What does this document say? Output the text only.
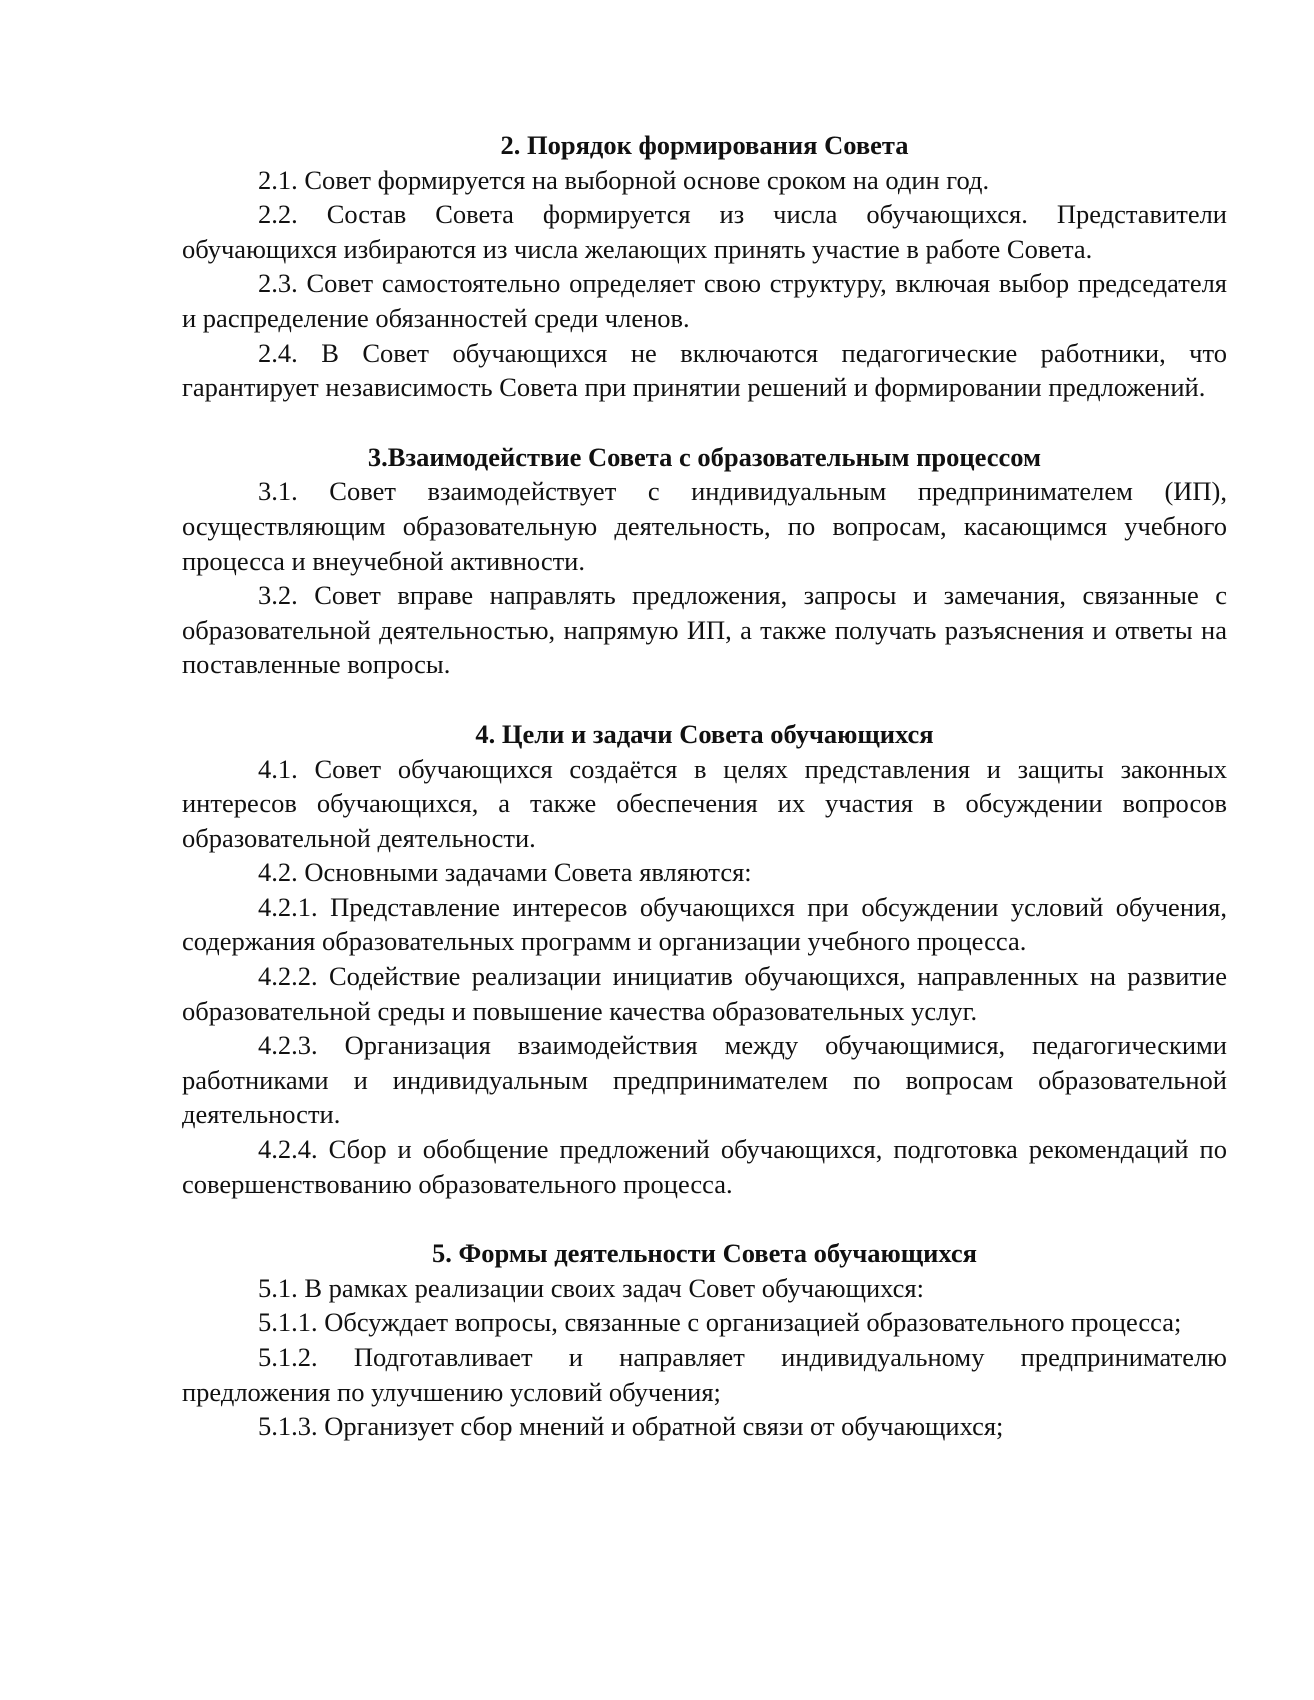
2. Порядок формирования Совета

2.1. Совет формируется на выборной основе сроком на один год.

2.2. Состав Совета формируется из числа обучающихся. Представители обучающихся избираются из числа желающих принять участие в работе Совета.

2.3. Совет самостоятельно определяет свою структуру, включая выбор председателя и распределение обязанностей среди членов.

2.4. В Совет обучающихся не включаются педагогические работники, что гарантирует независимость Совета при принятии решений и формировании предложений.

3.Взаимодействие Совета с образовательным процессом

3.1. Совет взаимодействует с индивидуальным предпринимателем (ИП), осуществляющим образовательную деятельность, по вопросам, касающимся учебного процесса и внеучебной активности.

3.2. Совет вправе направлять предложения, запросы и замечания, связанные с образовательной деятельностью, напрямую ИП, а также получать разъяснения и ответы на поставленные вопросы.

4. Цели и задачи Совета обучающихся

4.1. Совет обучающихся создаётся в целях представления и защиты законных интересов обучающихся, а также обеспечения их участия в обсуждении вопросов образовательной деятельности.

4.2. Основными задачами Совета являются:

4.2.1. Представление интересов обучающихся при обсуждении условий обучения, содержания образовательных программ и организации учебного процесса.

4.2.2. Содействие реализации инициатив обучающихся, направленных на развитие образовательной среды и повышение качества образовательных услуг.

4.2.3. Организация взаимодействия между обучающимися, педагогическими работниками и индивидуальным предпринимателем по вопросам образовательной деятельности.

4.2.4. Сбор и обобщение предложений обучающихся, подготовка рекомендаций по совершенствованию образовательного процесса.

5. Формы деятельности Совета обучающихся

5.1. В рамках реализации своих задач Совет обучающихся:

5.1.1. Обсуждает вопросы, связанные с организацией образовательного процесса;

5.1.2. Подготавливает и направляет индивидуальному предпринимателю предложения по улучшению условий обучения;

5.1.3. Организует сбор мнений и обратной связи от обучающихся;
